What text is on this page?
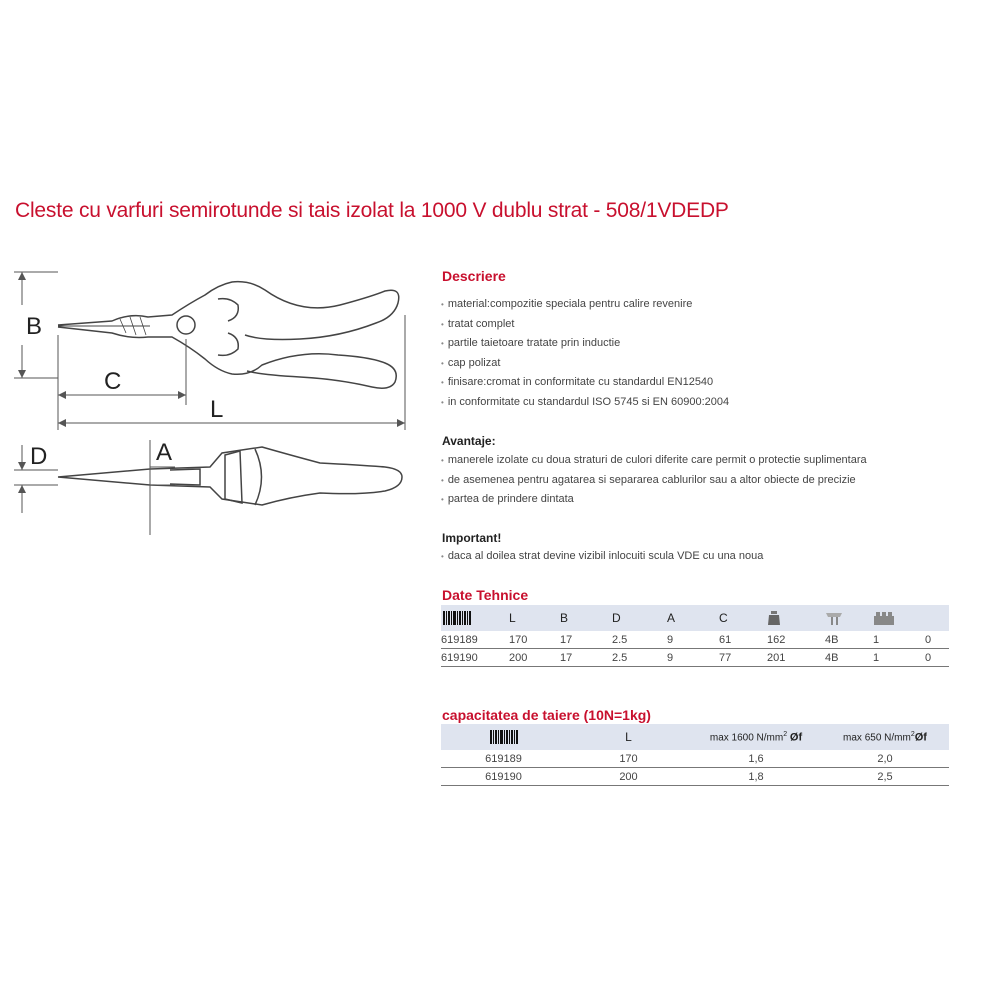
Cleste cu varfuri semirotunde si tais izolat la 1000 V dublu strat - 508/1VDEDP
B
C
L
D	A
Descriere
• material:compozitie speciala pentru calire revenire
• tratat complet
• partile taietoare tratate prin inductie
• cap polizat
• finisare:cromat in conformitate cu standardul EN12540
• in conformitate cu standardul ISO 5745 si EN 60900:2004
Avantaje:
• manerele izolate cu doua straturi de culori diferite care permit o protectie suplimentara
• de asemenea pentru agatarea si separarea cablurilor sau a altor obiecte de precizie
• partea de prindere dintata
Important!
• daca al doilea strat devine vizibil inlocuiti scula VDE cu una noua
Date Tehnice
	L	B	D	A	C				
619189	170	17	2.5	9	61	162	4B	1	0
619190	200	17	2.5	9	77	201	4B	1	0
capacitatea de taiere (10N=1kg)
	L	max 1600 $N/mm^2$ Øf	max 650 $N/mm^2Øf$
619189	170	1,6	2,0
619190	200	1,8	2,5
